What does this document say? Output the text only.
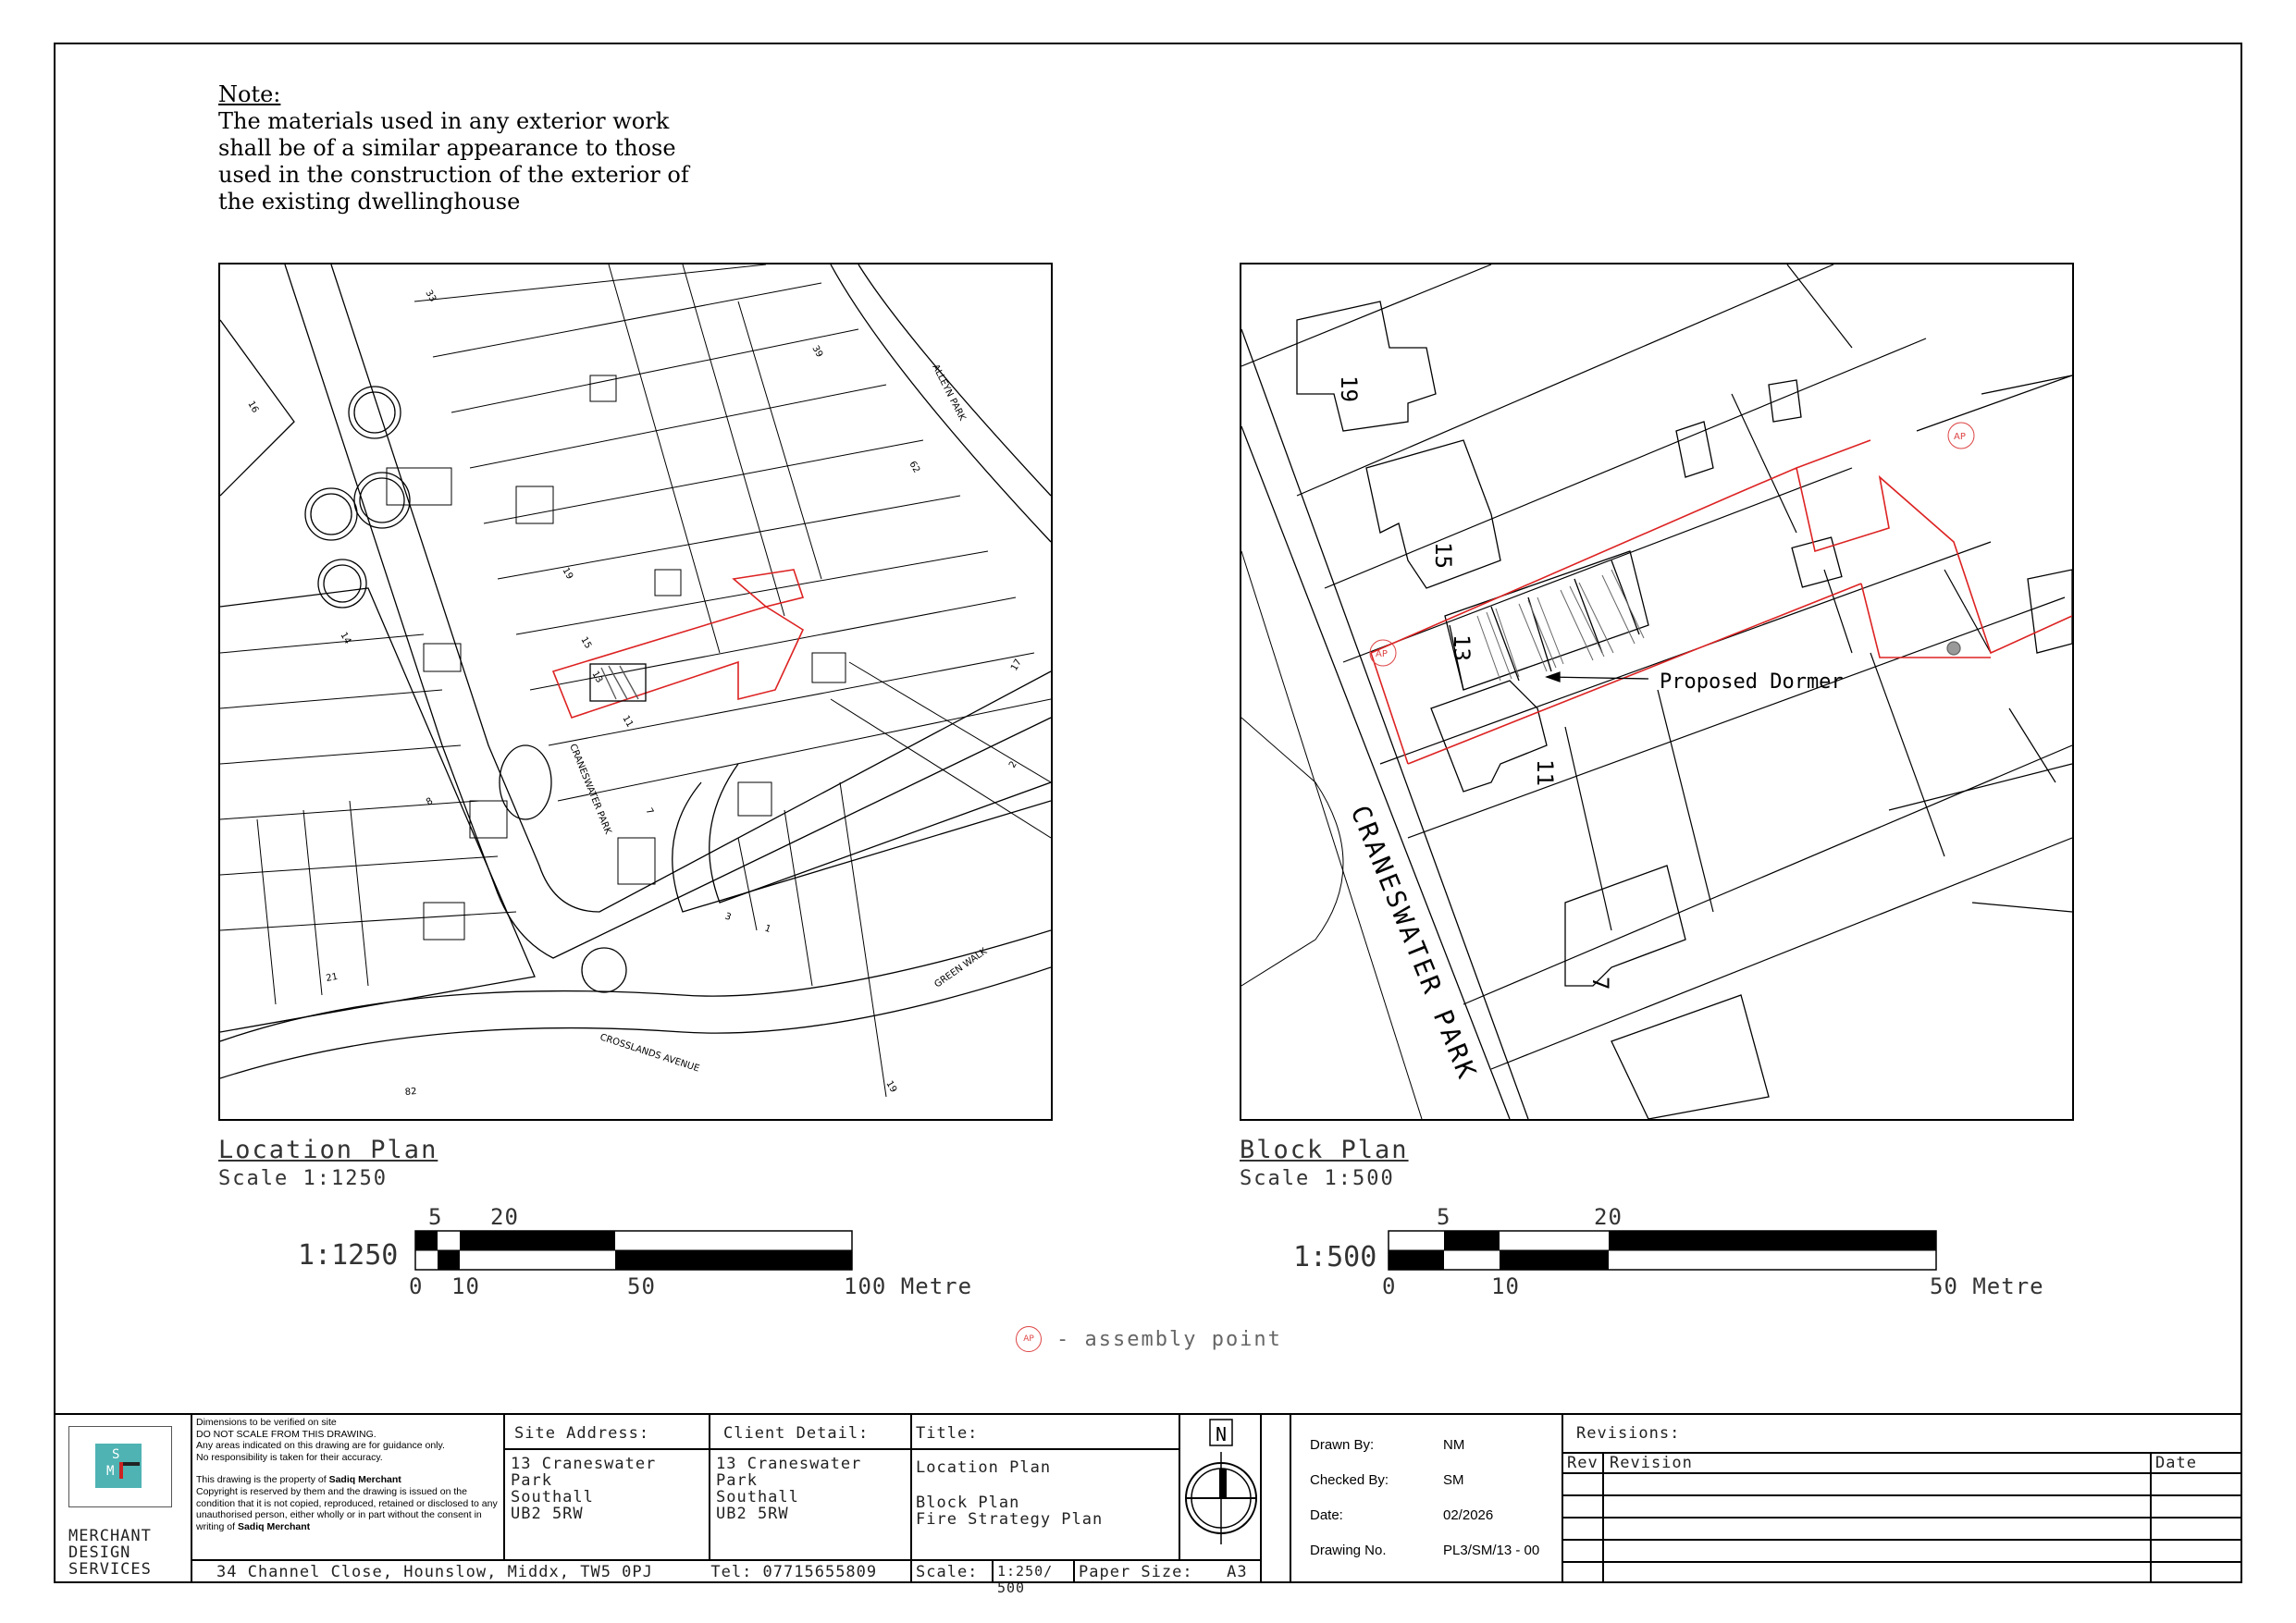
Note:
The materials used in any exterior work
shall be of a similar appearance to those
used in the construction of the exterior of
the existing dwellinghouse
CRANESWATER PARK
ALLEYN PARK
CROSSLANDS AVENUE
GREEN WALK
33
39
62
19
15
13
11
7
14
2
17
3
1
21
8
82
16
19
Location Plan
Scale 1:1250
AP
AP
CRANESWATER PARK
19
15
13
11
7
Proposed Dormer
Block Plan
Scale 1:500
1:1250
5 20
0 10	50	100 Metre
1:500
5	20
0	10	50 Metre
AP	- assembly point
S
M
MERCHANT
DESIGN
SERVICES
Dimensions to be verified on site
DO NOT SCALE FROM THIS DRAWING.
Any areas indicated on this drawing are for guidance only.
No responsibility is taken for their accuracy.
This drawing is the property of Sadiq Merchant
Copyright is reserved by them and the drawing is issued on the condition that it is not copied, reproduced, retained or disclosed to any unauthorised person, either wholly or in part without the consent in writing of Sadiq Merchant
34 Channel Close, Hounslow, Middx, TW5 0PJ	Tel: 07715655809
Site Address:
13 Craneswater Park
Southall
UB2 5RW
Client Detail:
13 Craneswater Park
Southall
UB2 5RW
Title:
Location Plan
Block Plan
Fire Strategy Plan
Scale:	1:250/ 500
Paper Size: A3
N	Drawn By:	NM
Checked By:	SM
Date:	02/2026
Drawing No.	PL3/SM/13 - 00
Revisions:
Rev Revision	Date
